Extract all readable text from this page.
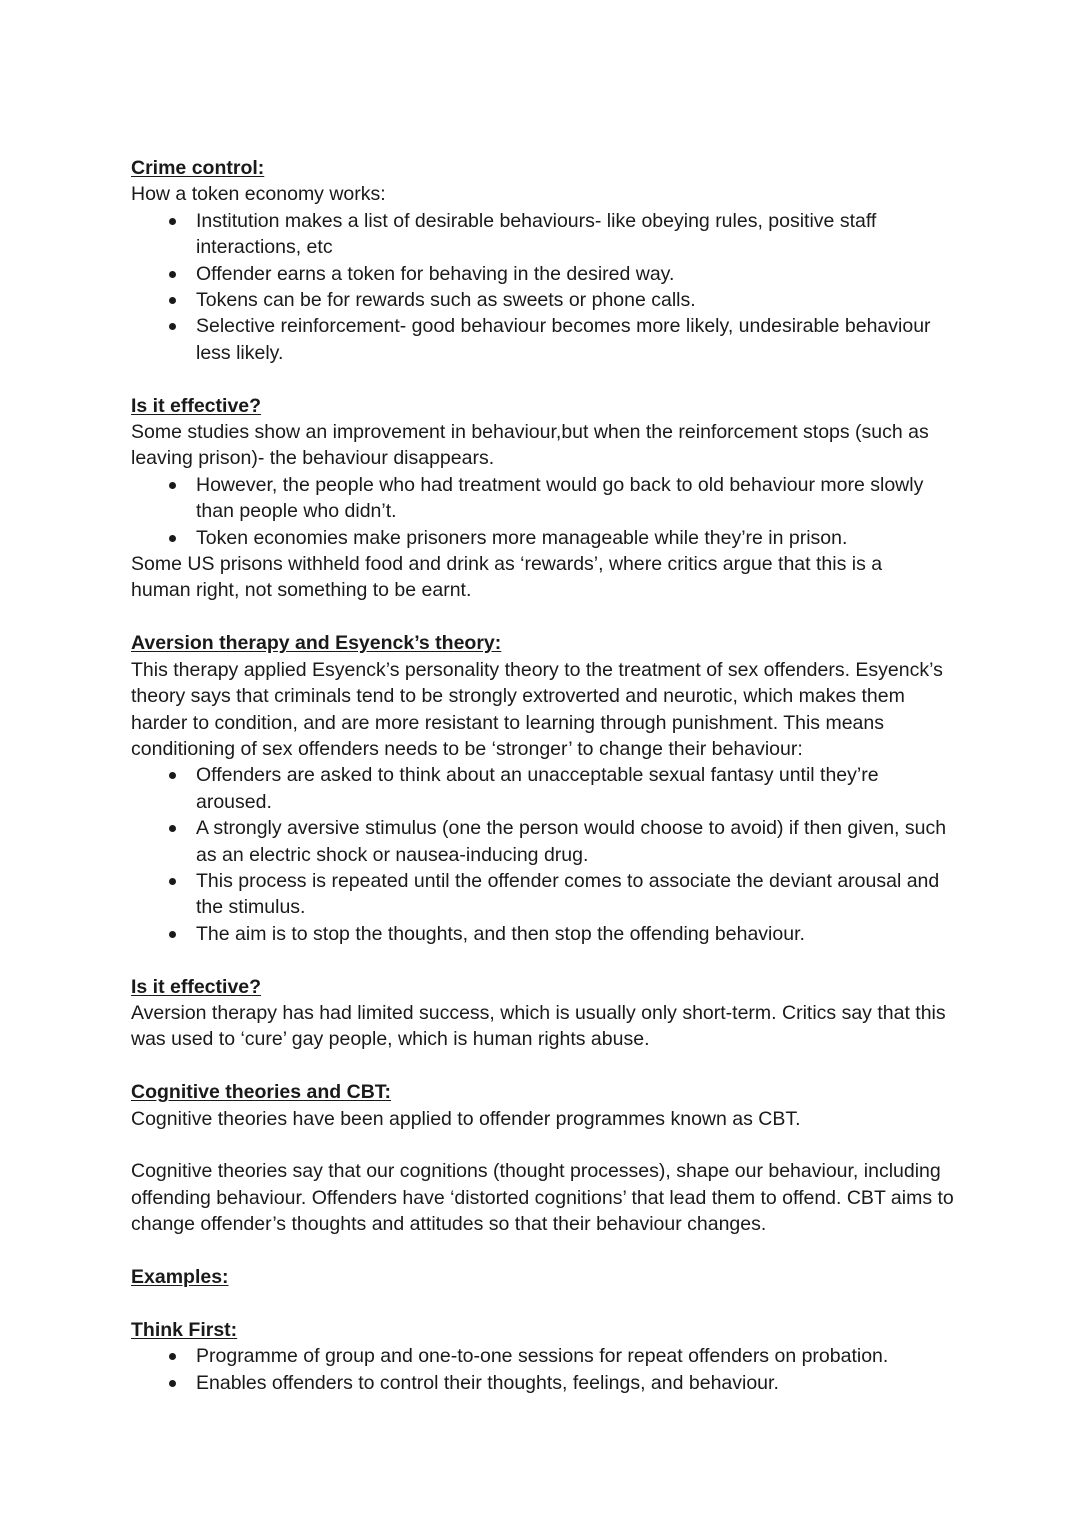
Crime control:

How a token economy works:

Institution makes a list of desirable behaviours- like obeying rules, positive staff interactions, etc
Offender earns a token for behaving in the desired way.
Tokens can be for rewards such as sweets or phone calls.
Selective reinforcement- good behaviour becomes more likely, undesirable behaviour less likely.

Is it effective?

Some studies show an improvement in behaviour,but when the reinforcement stops (such as leaving prison)- the behaviour disappears.

However, the people who had treatment would go back to old behaviour more slowly than people who didn’t.
Token economies make prisoners more manageable while they’re in prison.

Some US prisons withheld food and drink as ‘rewards’, where critics argue that this is a human right, not something to be earnt.

Aversion therapy and Esyenck’s theory:

This therapy applied Esyenck’s personality theory to the treatment of sex offenders. Esyenck’s theory says that criminals tend to be strongly extroverted and neurotic, which makes them harder to condition, and are more resistant to learning through punishment. This means conditioning of sex offenders needs to be ‘stronger’ to change their behaviour:

Offenders are asked to think about an unacceptable sexual fantasy until they’re aroused.
A strongly aversive stimulus (one the person would choose to avoid) if then given, such as an electric shock or nausea-inducing drug.
This process is repeated until the offender comes to associate the deviant arousal and the stimulus.
The aim is to stop the thoughts, and then stop the offending behaviour.

Is it effective?

Aversion therapy has had limited success, which is usually only short-term. Critics say that this was used to ‘cure’ gay people, which is human rights abuse.

Cognitive theories and CBT:

Cognitive theories have been applied to offender programmes known as CBT.

Cognitive theories say that our cognitions (thought processes), shape our behaviour, including offending behaviour. Offenders have ‘distorted cognitions’ that lead them to offend. CBT aims to change offender’s thoughts and attitudes so that their behaviour changes.

Examples:

Think First:

Programme of group and one-to-one sessions for repeat offenders on probation.
Enables offenders to control their thoughts, feelings, and behaviour.
